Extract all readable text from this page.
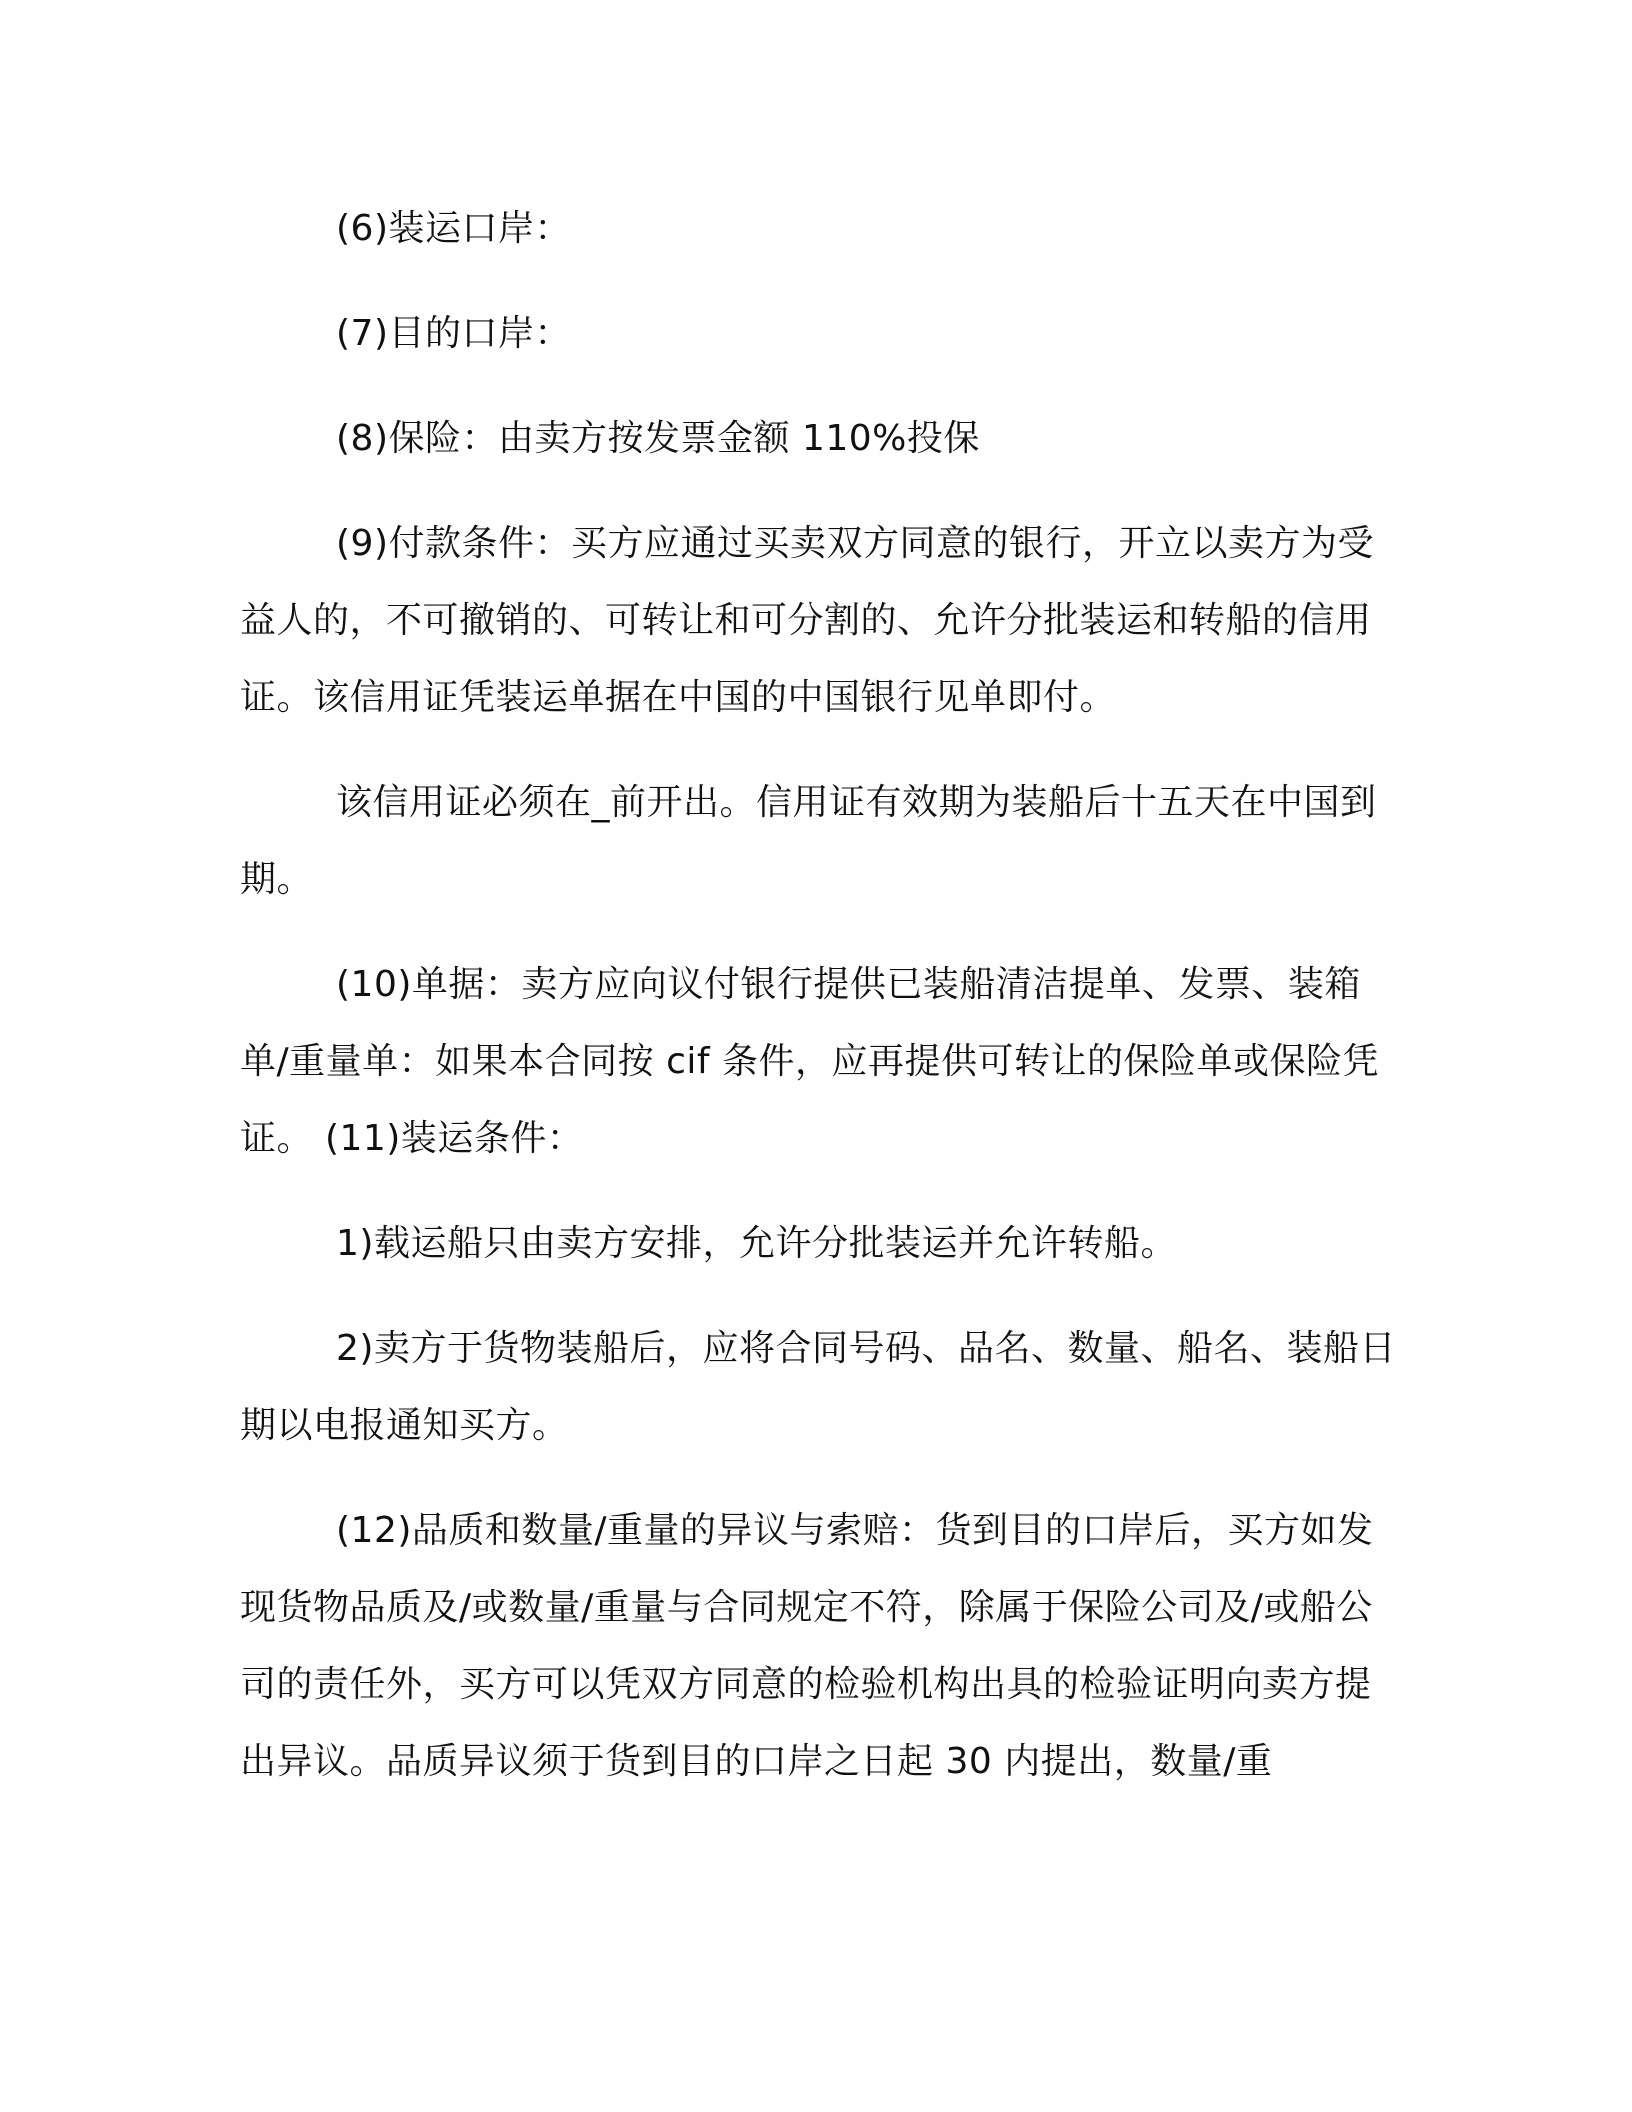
(6)装运口岸：

(7)目的口岸：

(8)保险：由卖方按发票金额 110%投保

(9)付款条件：买方应通过买卖双方同意的银行，开立以卖方为受益人的，不可撤销的、可转让和可分割的、允许分批装运和转船的信用证。该信用证凭装运单据在中国的中国银行见单即付。

该信用证必须在_前开出。信用证有效期为装船后十五天在中国到期。

(10)单据：卖方应向议付银行提供已装船清洁提单、发票、装箱单/重量单：如果本合同按 cif 条件，应再提供可转让的保险单或保险凭证。 (11)装运条件：

1)载运船只由卖方安排，允许分批装运并允许转船。

2)卖方于货物装船后，应将合同号码、品名、数量、船名、装船日期以电报通知买方。

(12)品质和数量/重量的异议与索赔：货到目的口岸后，买方如发现货物品质及/或数量/重量与合同规定不符，除属于保险公司及/或船公司的责任外，买方可以凭双方同意的检验机构出具的检验证明向卖方提出异议。品质异议须于货到目的口岸之日起 30 内提出，数量/重
